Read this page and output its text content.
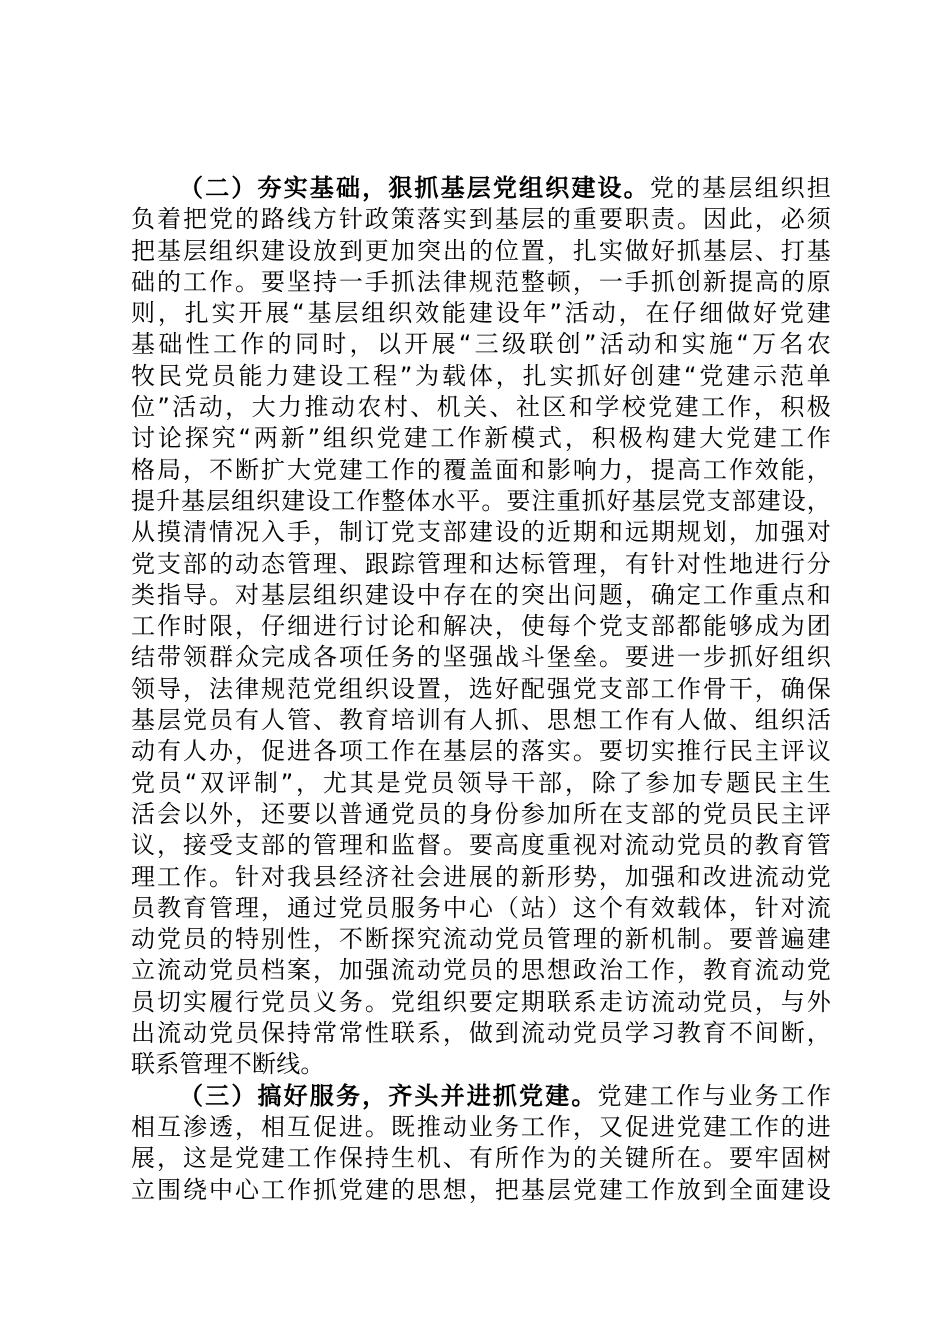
（二）夯实基础，狠抓基层党组织建设。党的基层组织担
负着把党的路线方针政策落实到基层的重要职责。因此，必须
把基层组织建设放到更加突出的位置，扎实做好抓基层、打基
础的工作。要坚持一手抓法律规范整顿，一手抓创新提高的原
则，扎实开展“基层组织效能建设年”活动，在仔细做好党建
基础性工作的同时，以开展“三级联创”活动和实施“万名农
牧民党员能力建设工程”为载体，扎实抓好创建“党建示范单
位”活动，大力推动农村、机关、社区和学校党建工作，积极
讨论探究“两新”组织党建工作新模式，积极构建大党建工作
格局，不断扩大党建工作的覆盖面和影响力，提高工作效能，
提升基层组织建设工作整体水平。要注重抓好基层党支部建设，
从摸清情况入手，制订党支部建设的近期和远期规划，加强对
党支部的动态管理、跟踪管理和达标管理，有针对性地进行分
类指导。对基层组织建设中存在的突出问题，确定工作重点和
工作时限，仔细进行讨论和解决，使每个党支部都能够成为团
结带领群众完成各项任务的坚强战斗堡垒。要进一步抓好组织
领导，法律规范党组织设置，选好配强党支部工作骨干，确保
基层党员有人管、教育培训有人抓、思想工作有人做、组织活
动有人办，促进各项工作在基层的落实。要切实推行民主评议
党员“双评制”，尤其是党员领导干部，除了参加专题民主生
活会以外，还要以普通党员的身份参加所在支部的党员民主评
议，接受支部的管理和监督。要高度重视对流动党员的教育管
理工作。针对我县经济社会进展的新形势，加强和改进流动党
员教育管理，通过党员服务中心（站）这个有效载体，针对流
动党员的特别性，不断探究流动党员管理的新机制。要普遍建
立流动党员档案，加强流动党员的思想政治工作，教育流动党
员切实履行党员义务。党组织要定期联系走访流动党员，与外
出流动党员保持常常性联系，做到流动党员学习教育不间断，
联系管理不断线。
（三）搞好服务，齐头并进抓党建。党建工作与业务工作
相互渗透，相互促进。既推动业务工作，又促进党建工作的进
展，这是党建工作保持生机、有所作为的关键所在。要牢固树
立围绕中心工作抓党建的思想，把基层党建工作放到全面建设
